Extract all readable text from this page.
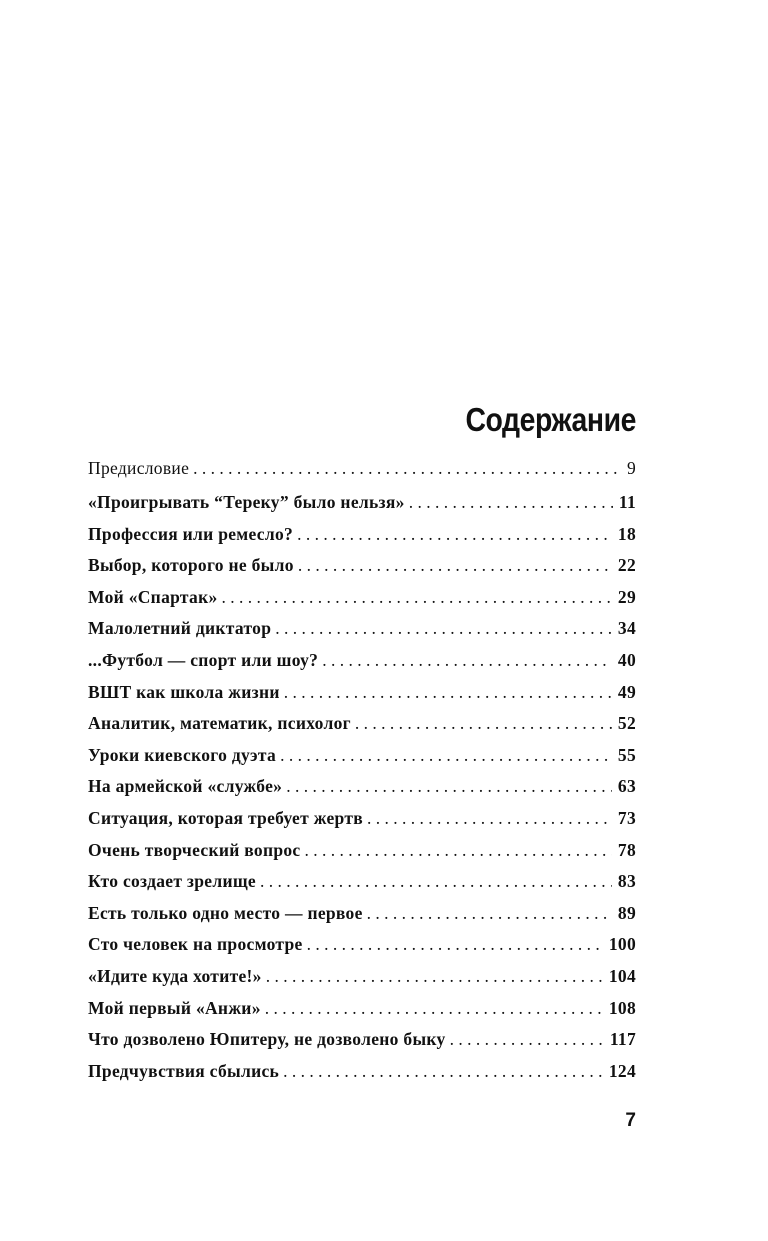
Содержание
Предисловие . . .	9
«Проигрывать “Тереку” было нельзя» . . .	11
Профессия или ремесло? . . .	18
Выбор, которого не было . . .	22
Мой «Спартак» . . .	29
Малолетний диктатор . . .	34
...Футбол — спорт или шоу? . . .	40
ВШТ как школа жизни . . .	49
Аналитик, математик, психолог . . .	52
Уроки киевского дуэта . . .	55
На армейской «службе» . . .	63
Ситуация, которая требует жертв . . .	73
Очень творческий вопрос . . .	78
Кто создает зрелище . . .	83
Есть только одно место — первое . . .	89
Сто человек на просмотре . . .	100
«Идите куда хотите!» . . .	104
Мой первый «Анжи» . . .	108
Что дозволено Юпитеру, не дозволено быку . . .	117
Предчувствия сбылись . . .	124
7
